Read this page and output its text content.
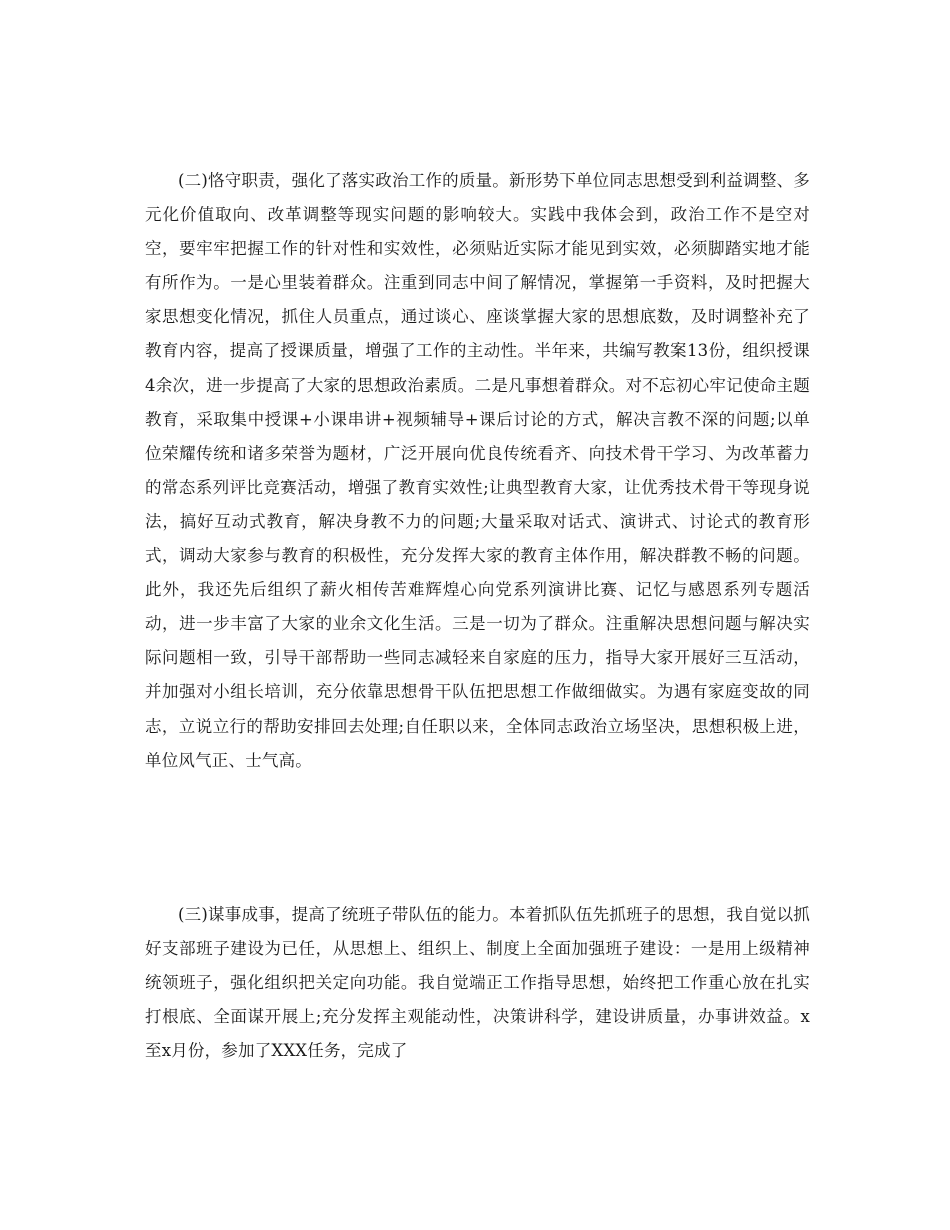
(二)恪守职责，强化了落实政治工作的质量。新形势下单位同志思想受到利益调整、多元化价值取向、改革调整等现实问题的影响较大。实践中我体会到，政治工作不是空对空，要牢牢把握工作的针对性和实效性，必须贴近实际才能见到实效，必须脚踏实地才能有所作为。一是心里装着群众。注重到同志中间了解情况，掌握第一手资料，及时把握大家思想变化情况，抓住人员重点，通过谈心、座谈掌握大家的思想底数，及时调整补充了教育内容，提高了授课质量，增强了工作的主动性。半年来，共编写教案13份，组织授课4余次，进一步提高了大家的思想政治素质。二是凡事想着群众。对不忘初心牢记使命主题教育，采取集中授课+小课串讲+视频辅导+课后讨论的方式，解决言教不深的问题;以单位荣耀传统和诸多荣誉为题材，广泛开展向优良传统看齐、向技术骨干学习、为改革蓄力的常态系列评比竞赛活动，增强了教育实效性;让典型教育大家，让优秀技术骨干等现身说法，搞好互动式教育，解决身教不力的问题;大量采取对话式、演讲式、讨论式的教育形式，调动大家参与教育的积极性，充分发挥大家的教育主体作用，解决群教不畅的问题。此外，我还先后组织了薪火相传苦难辉煌心向党系列演讲比赛、记忆与感恩系列专题活动，进一步丰富了大家的业余文化生活。三是一切为了群众。注重解决思想问题与解决实际问题相一致，引导干部帮助一些同志减轻来自家庭的压力，指导大家开展好三互活动，并加强对小组长培训，充分依靠思想骨干队伍把思想工作做细做实。为遇有家庭变故的同志，立说立行的帮助安排回去处理;自任职以来，全体同志政治立场坚决，思想积极上进，单位风气正、士气高。

(三)谋事成事，提高了统班子带队伍的能力。本着抓队伍先抓班子的思想，我自觉以抓好支部班子建设为已任，从思想上、组织上、制度上全面加强班子建设：一是用上级精神统领班子，强化组织把关定向功能。我自觉端正工作指导思想，始终把工作重心放在扎实打根底、全面谋开展上;充分发挥主观能动性，决策讲科学，建设讲质量，办事讲效益。x至x月份，参加了XXX任务，完成了
